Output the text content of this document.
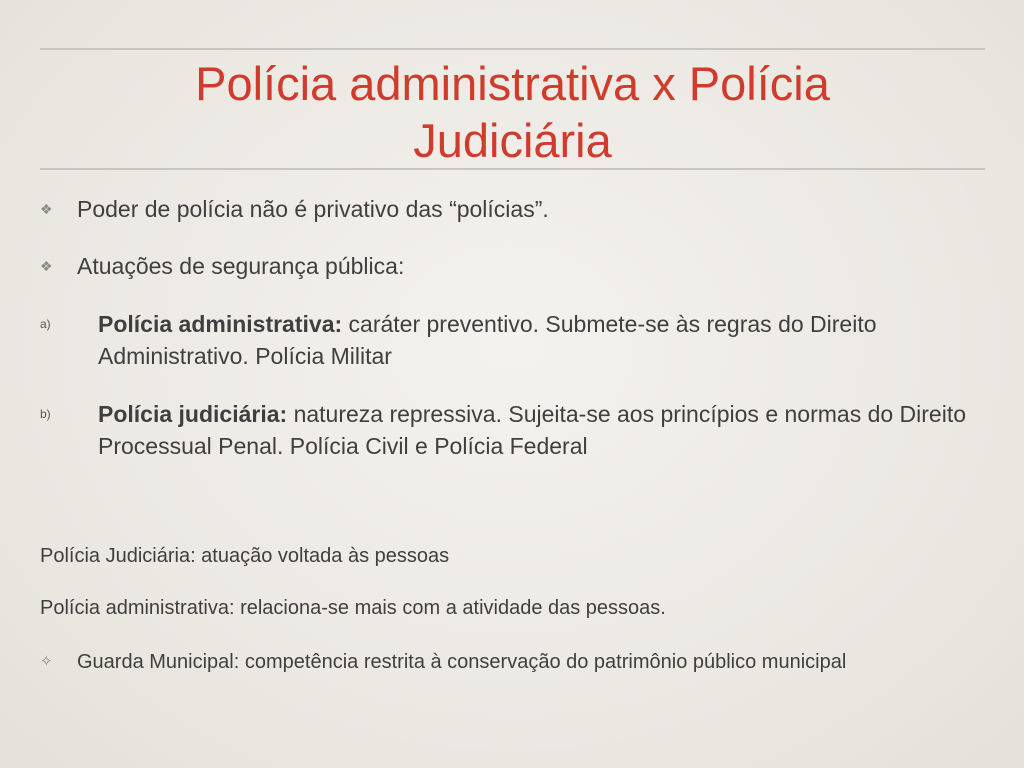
Polícia administrativa x Polícia
Judiciária
❖	Poder de polícia não é privativo das “polícias”.
❖	Atuações de segurança pública:
a) Polícia administrativa: caráter preventivo. Submete-se às regras do Direito Administrativo. Polícia Militar
b) Polícia judiciária: natureza repressiva. Sujeita-se aos princípios e normas do Direito Processual Penal. Polícia Civil e Polícia Federal
Polícia Judiciária: atuação voltada às pessoas
Polícia administrativa: relaciona-se mais com a atividade das pessoas.
✧ Guarda Municipal: competência restrita à conservação do patrimônio público municipal
